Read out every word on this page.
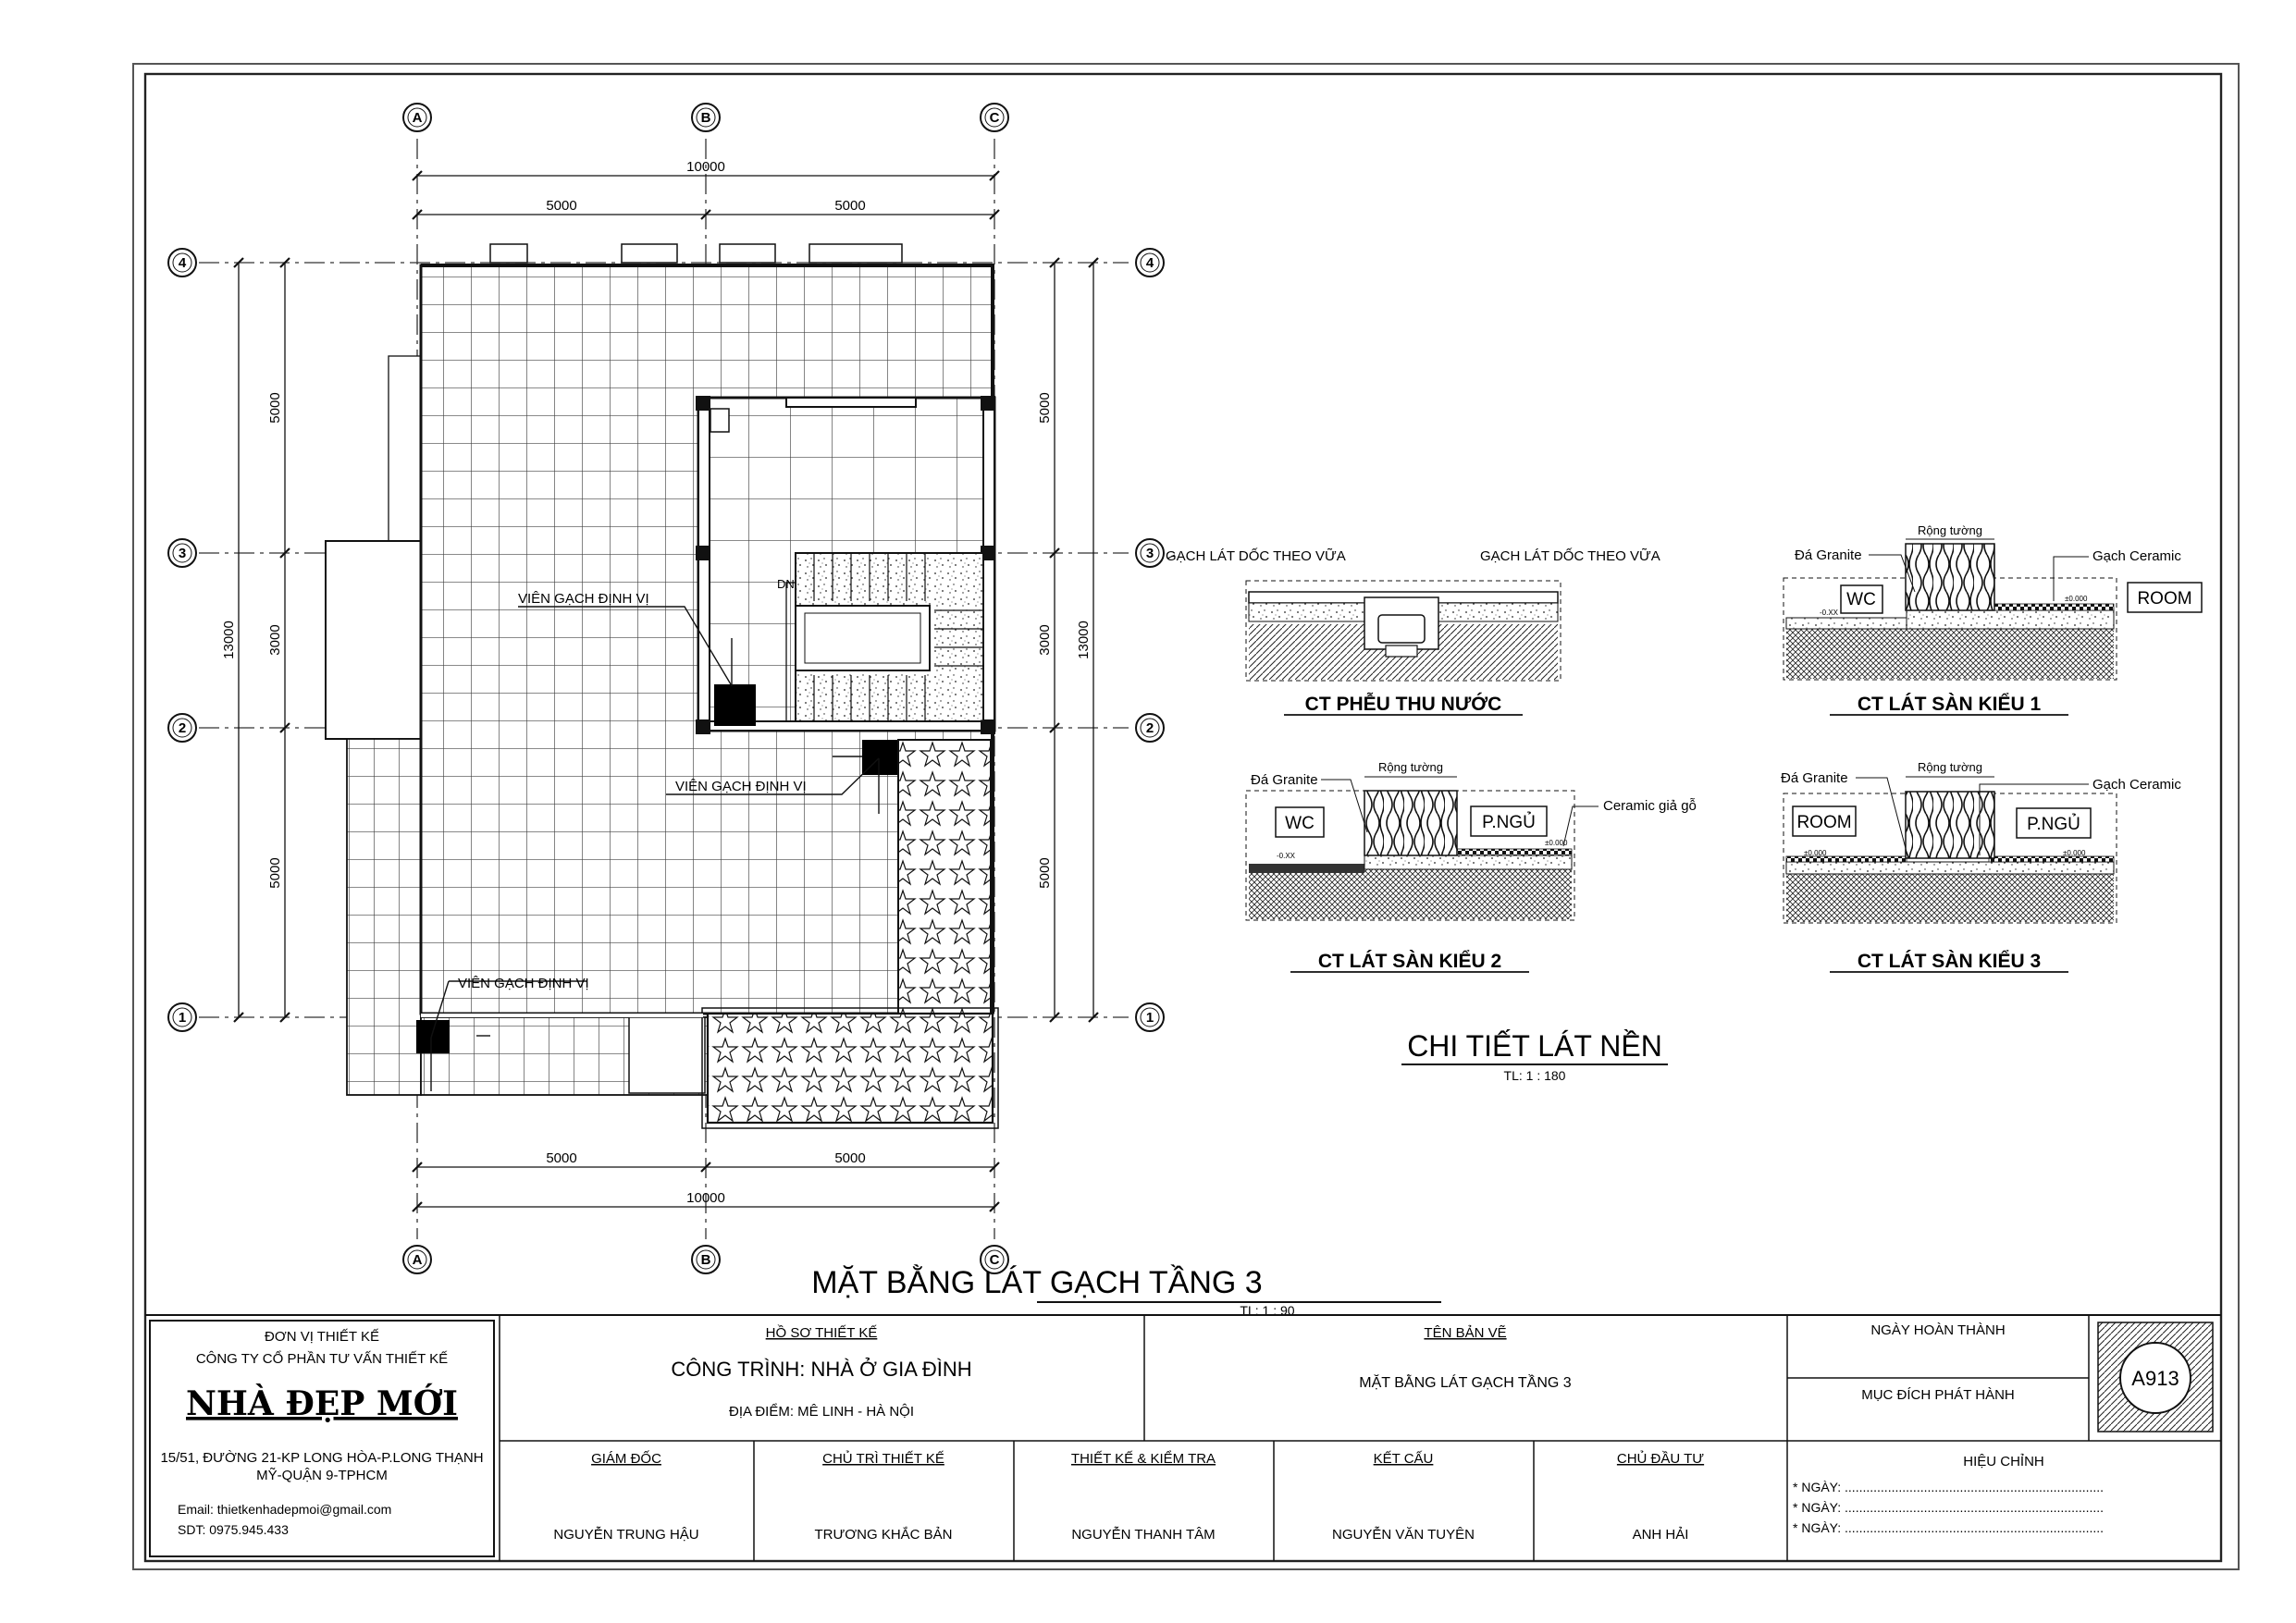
A	B	C
A	B	C
4
3
2
1
4
3
2
1
10000
5000	5000
5000	5000
10000
13000
5000
3000
5000
5000
3000
5000
13000
VIÊN GẠCH ĐỊNH VỊ
VIÊN GẠCH ĐỊNH VỊ
VIÊN GẠCH ĐỊNH VỊ
DN
MẶT BẰNG LÁT GẠCH TẦNG 3
TL: 1 : 90
GẠCH LÁT DỐC THEO VỮA	GẠCH LÁT DỐC THEO VỮA
CT PHỄU THU NƯỚC
WC	ROOM
Rộng tường
Đá Granite	Gạch Ceramic
-0.XX
±0.000
CT LÁT SÀN KIỂU 1
WC	P.NGỦ
Rộng tường
Đá Granite
Ceramic giả gỗ
-0.XX
±0.000
CT LÁT SÀN KIỂU 2
ROOM	P.NGỦ
Rộng tường
Đá Granite	Gạch Ceramic
±0.000	±0.000
CT LÁT SÀN KIỂU 3
CHI TIẾT LÁT NỀN
TL: 1 : 180
A913
ĐƠN VỊ THIẾT KẾ
CÔNG TY CỔ PHẦN TƯ VẤN THIẾT KẾ
NHÀ ĐẸP MỚI
15/51, ĐƯỜNG 21-KP LONG HÒA-P.LONG THẠNH
MỸ-QUẬN 9-TPHCM
Email: thietkenhadepmoi@gmail.com
SDT: 0975.945.433
HỒ SƠ THIẾT KẾ
CÔNG TRÌNH: NHÀ Ở GIA ĐÌNH
ĐỊA ĐIỂM: MÊ LINH - HÀ NỘI
TÊN BẢN VẼ
MẶT BẰNG LÁT GẠCH TẦNG 3
NGÀY HOÀN THÀNH
MỤC ĐÍCH PHÁT HÀNH
HIỆU CHỈNH
* NGÀY: ........................................................................
* NGÀY: ........................................................................
* NGÀY: ........................................................................
GIÁM ĐỐC
NGUYỄN TRUNG HẬU
CHỦ TRÌ THIẾT KẾ
TRƯƠNG KHẮC BẢN
THIẾT KẾ & KIỂM TRA
NGUYỄN THANH TÂM
KẾT CẤU
NGUYỄN VĂN TUYÊN
CHỦ ĐẦU TƯ
ANH HẢI
